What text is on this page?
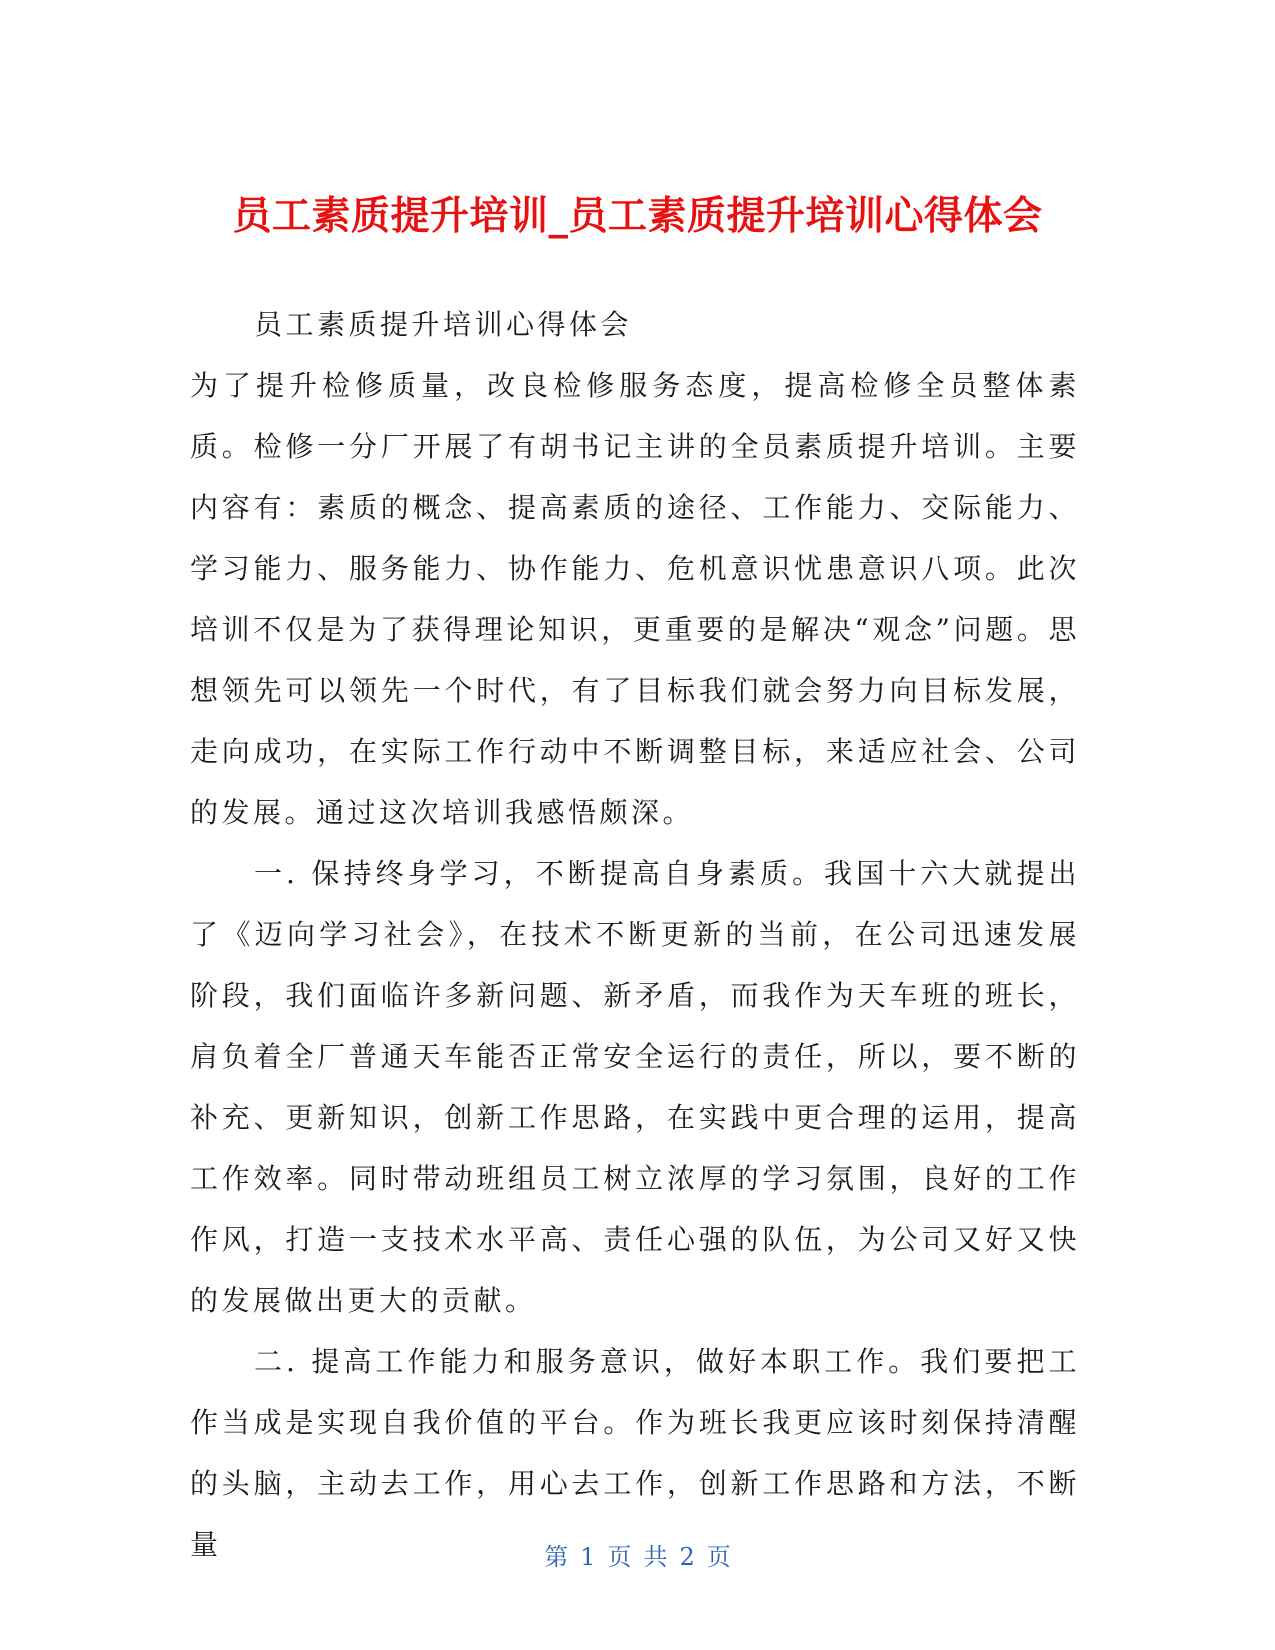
员工素质提升培训_员工素质提升培训心得体会

员工素质提升培训心得体会

为了提升检修质量，改良检修服务态度，提高检修全员整体素质。检修一分厂开展了有胡书记主讲的全员素质提升培训。主要内容有：素质的概念、提高素质的途径、工作能力、交际能力、学习能力、服务能力、协作能力、危机意识忧患意识八项。此次培训不仅是为了获得理论知识，更重要的是解决“观念”问题。思想领先可以领先一个时代，有了目标我们就会努力向目标发展，走向成功，在实际工作行动中不断调整目标，来适应社会、公司的发展。通过这次培训我感悟颇深。

一. 保持终身学习，不断提高自身素质。我国十六大就提出了《迈向学习社会》，在技术不断更新的当前，在公司迅速发展阶段，我们面临许多新问题、新矛盾，而我作为天车班的班长，肩负着全厂普通天车能否正常安全运行的责任，所以，要不断的补充、更新知识，创新工作思路，在实践中更合理的运用，提高工作效率。同时带动班组员工树立浓厚的学习氛围，良好的工作作风，打造一支技术水平高、责任心强的队伍，为公司又好又快的发展做出更大的贡献。

二. 提高工作能力和服务意识，做好本职工作。我们要把工作当成是实现自我价值的平台。作为班长我更应该时刻保持清醒的头脑，主动去工作，用心去工作，创新工作思路和方法，不断量	第 1 页 共 2 页
